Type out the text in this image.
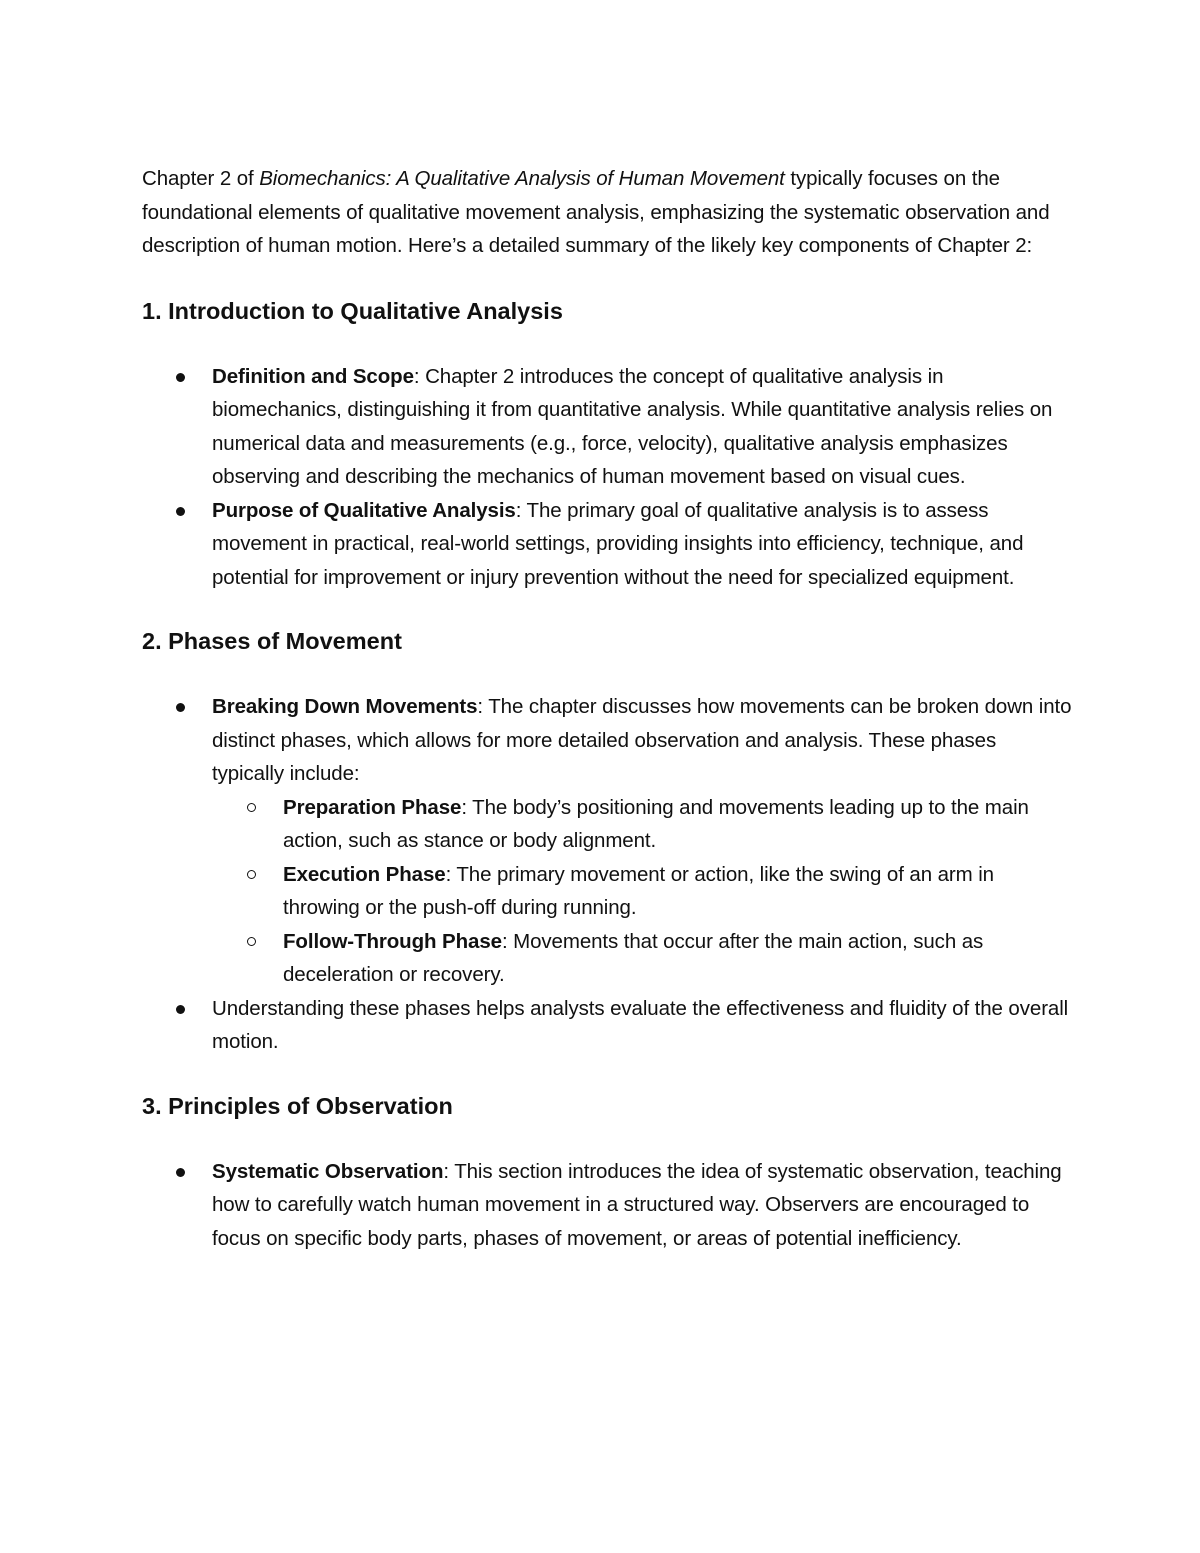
Chapter 2 of Biomechanics: A Qualitative Analysis of Human Movement typically focuses on the foundational elements of qualitative movement analysis, emphasizing the systematic observation and description of human motion. Here’s a detailed summary of the likely key components of Chapter 2:

1. Introduction to Qualitative Analysis
Definition and Scope: Chapter 2 introduces the concept of qualitative analysis in biomechanics, distinguishing it from quantitative analysis. While quantitative analysis relies on numerical data and measurements (e.g., force, velocity), qualitative analysis emphasizes observing and describing the mechanics of human movement based on visual cues.
Purpose of Qualitative Analysis: The primary goal of qualitative analysis is to assess movement in practical, real-world settings, providing insights into efficiency, technique, and potential for improvement or injury prevention without the need for specialized equipment.
2. Phases of Movement
Breaking Down Movements: The chapter discusses how movements can be broken down into distinct phases, which allows for more detailed observation and analysis. These phases typically include:
Preparation Phase: The body’s positioning and movements leading up to the main action, such as stance or body alignment.
Execution Phase: The primary movement or action, like the swing of an arm in throwing or the push-off during running.
Follow-Through Phase: Movements that occur after the main action, such as deceleration or recovery.
Understanding these phases helps analysts evaluate the effectiveness and fluidity of the overall motion.
3. Principles of Observation
Systematic Observation: This section introduces the idea of systematic observation, teaching how to carefully watch human movement in a structured way. Observers are encouraged to focus on specific body parts, phases of movement, or areas of potential inefficiency.
